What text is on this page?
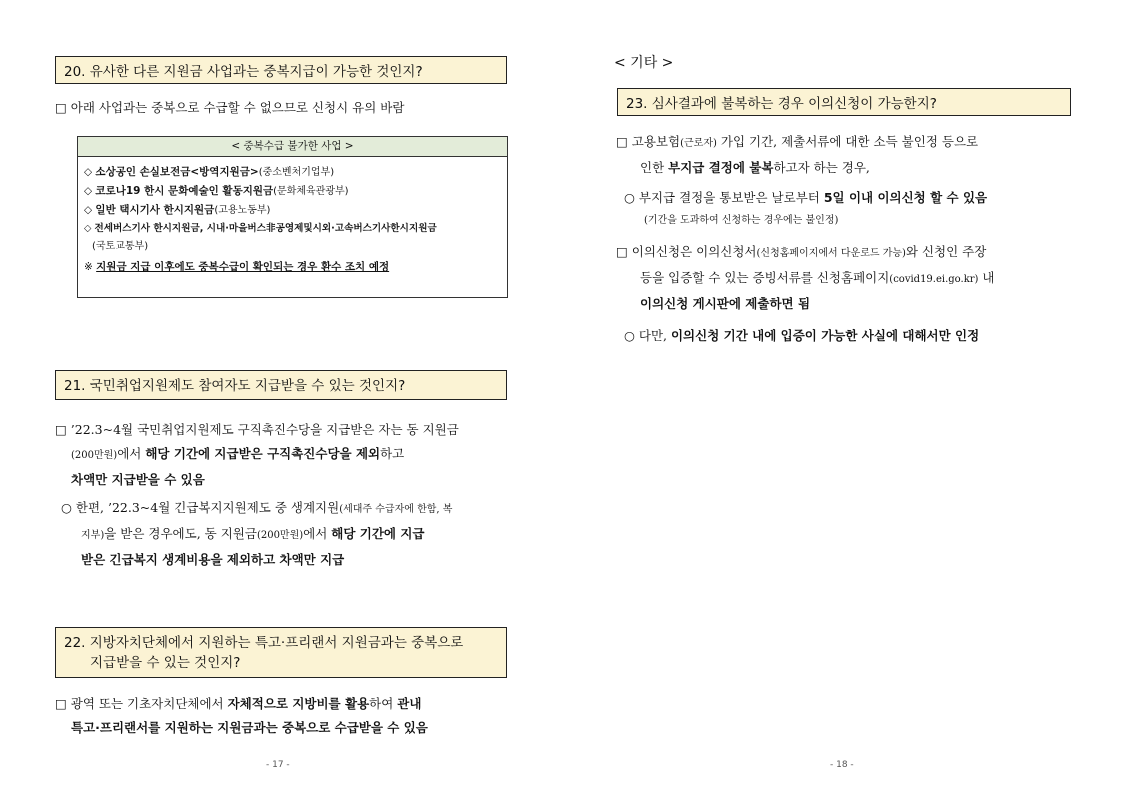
20. 유사한 다른 지원금 사업과는 중복지급이 가능한 것인지?
□ 아래 사업과는 중복으로 수급할 수 없으므로 신청시 유의 바람
< 중복수급 불가한 사업 >
◇ 소상공인 손실보전금<방역지원금>(중소벤처기업부)
◇ 코로나19 한시 문화예술인 활동지원금(문화체육관광부)
◇ 일반 택시기사 한시지원금(고용노동부)
◇ 전세버스기사 한시지원금, 시내·마을버스非공영제및시외·고속버스기사한시지원금
(국토교통부)
※ 지원금 지급 이후에도 중복수급이 확인되는 경우 환수 조치 예정
21. 국민취업지원제도 참여자도 지급받을 수 있는 것인지?
□ ’22.3~4월 국민취업지원제도 구직촉진수당을 지급받은 자는 동 지원금
(200만원)에서 해당 기간에 지급받은 구직촉진수당을 제외하고
차액만 지급받을 수 있음
○ 한편, ’22.3~4월 긴급복지지원제도 중 생계지원(세대주 수급자에 한함, 복
지부)을 받은 경우에도, 동 지원금(200만원)에서 해당 기간에 지급
받은 긴급복지 생계비용을 제외하고 차액만 지급
22. 지방자치단체에서 지원하는 특고·프리랜서 지원금과는 중복으로
지급받을 수 있는 것인지?
□ 광역 또는 기초자치단체에서 자체적으로 지방비를 활용하여 관내
특고·프리랜서를 지원하는 지원금과는 중복으로 수급받을 수 있음
- 17 -
< 기타 >
23. 심사결과에 불복하는 경우 이의신청이 가능한지?
□ 고용보험(근로자) 가입 기간, 제출서류에 대한 소득 불인정 등으로
인한 부지급 결정에 불복하고자 하는 경우,
○ 부지급 결정을 통보받은 날로부터 5일 이내 이의신청 할 수 있음
(기간을 도과하여 신청하는 경우에는 불인정)
□ 이의신청은 이의신청서(신청홈페이지에서 다운로드 가능)와 신청인 주장
등을 입증할 수 있는 증빙서류를 신청홈페이지(covid19.ei.go.kr) 내
이의신청 게시판에 제출하면 됨
○ 다만, 이의신청 기간 내에 입증이 가능한 사실에 대해서만 인정
- 18 -
